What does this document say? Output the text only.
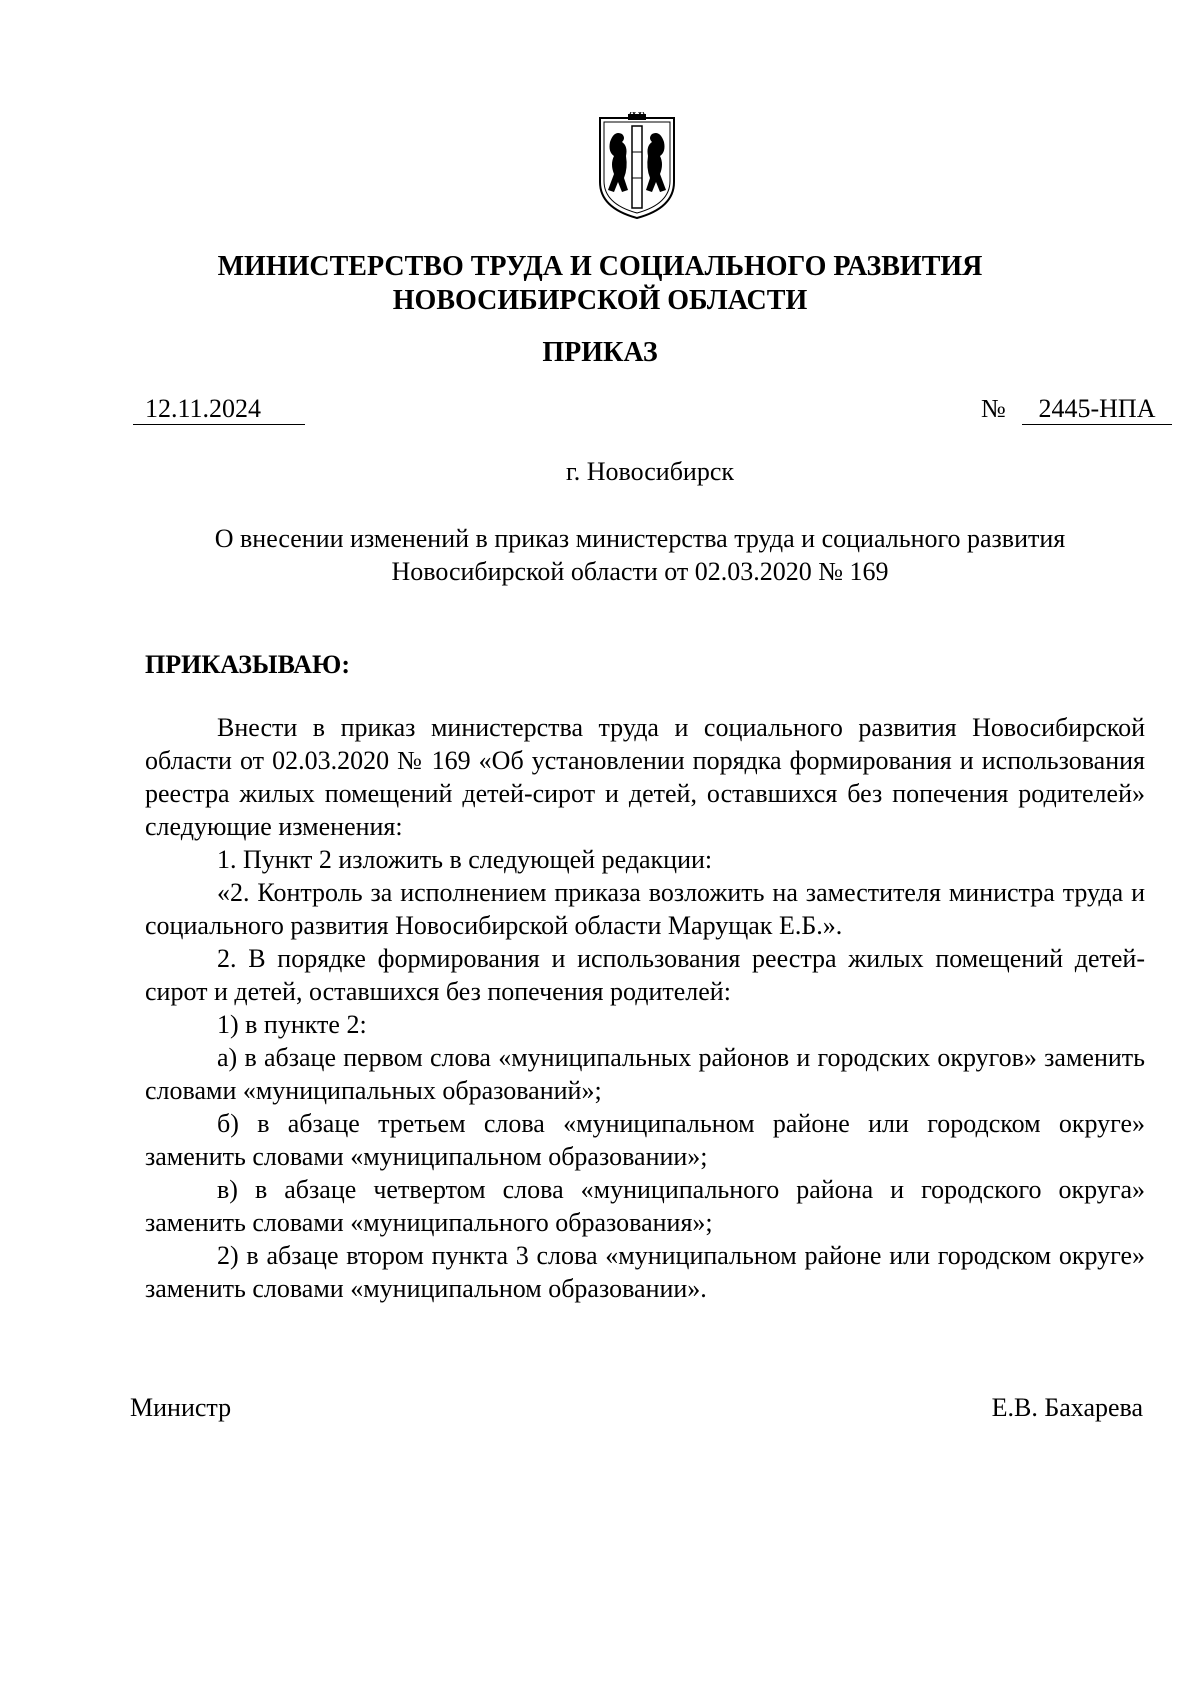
МИНИСТЕРСТВО ТРУДА И СОЦИАЛЬНОГО РАЗВИТИЯ
НОВОСИБИРСКОЙ ОБЛАСТИ
ПРИКАЗ
12.11.2024	№	2445-НПА
г. Новосибирск
О внесении изменений в приказ министерства труда и социального развития Новосибирской области от 02.03.2020 № 169
ПРИКАЗЫВАЮ:

Внести в приказ министерства труда и социального развития Новосибирской области от 02.03.2020 № 169 «Об установлении порядка формирования и использования реестра жилых помещений детей-сирот и детей, оставшихся без попечения родителей» следующие изменения:

1. Пункт 2 изложить в следующей редакции:

«2. Контроль за исполнением приказа возложить на заместителя министра труда и социального развития Новосибирской области Марущак Е.Б.».

2. В порядке формирования и использования реестра жилых помещений детей-сирот и детей, оставшихся без попечения родителей:

1) в пункте 2:

а) в абзаце первом слова «муниципальных районов и городских округов» заменить словами «муниципальных образований»;

б) в абзаце третьем слова «муниципальном районе или городском округе» заменить словами «муниципальном образовании»;

в) в абзаце четвертом слова «муниципального района и городского округа» заменить словами «муниципального образования»;

2) в абзаце втором пункта 3 слова «муниципальном районе или городском округе» заменить словами «муниципальном образовании».

Министр	Е.В. Бахарева
